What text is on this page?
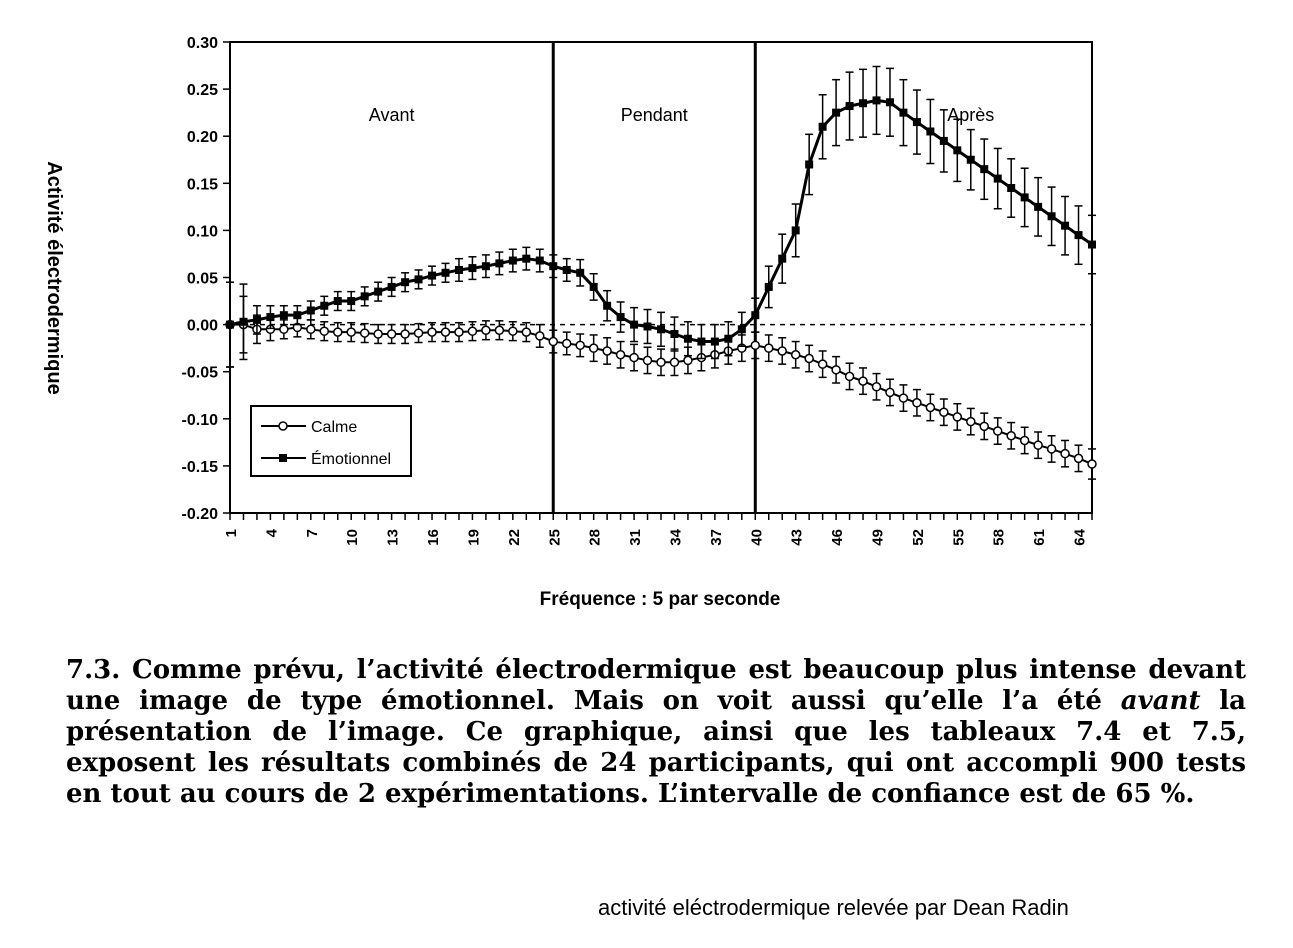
0.30
0.25
0.20
0.15
0.10
0.05
0.00
-0.05
-0.10
-0.15
-0.20
1 4 7 10 13 16 19 22 25 28 31 34 37 40 43 46 49 52 55 58 61 64
Avant	Pendant	Après
Calme
Émotionnel
Activité électrodermique
Fréquence : 5 par seconde

7.3. Comme prévu, l’activité électrodermique est beaucoup plus intense devant une image de type émotionnel. Mais on voit aussi qu’elle l’a été avant la présentation de l’image. Ce graphique, ainsi que les tableaux 7.4 et 7.5, exposent les résultats combinés de 24 participants, qui ont accompli 900 tests en tout au cours de 2 expérimentations. L’intervalle de confiance est de 65 %.

activité eléctrodermique relevée par Dean Radin
